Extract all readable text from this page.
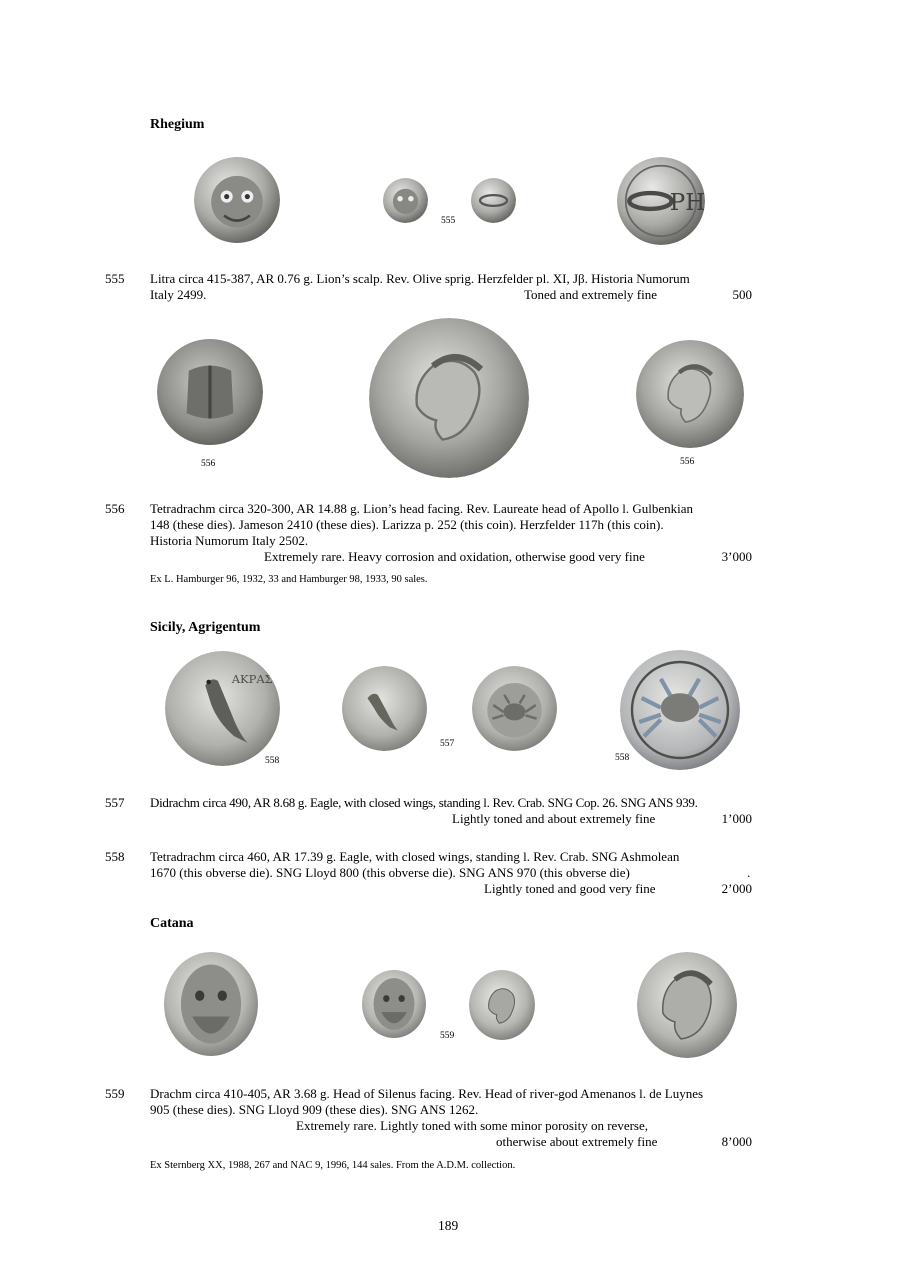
Rhegium
555
ΡΗ
555 Litra circa 415-387, AR 0.76 g. Lion’s scalp. Rev. Olive sprig. Herzfelder pl. XI, Jβ. Historia Numorum
Italy 2499.	Toned and extremely fine	500
556	556
556 Tetradrachm circa 320-300, AR 14.88 g. Lion’s head facing. Rev. Laureate head of Apollo l. Gulbenkian
148 (these dies). Jameson 2410 (these dies). Larizza p. 252 (this coin). Herzfelder 117h (this coin).
Historia Numorum Italy 2502.
Extremely rare. Heavy corrosion and oxidation, otherwise good very fine	3’000
Ex L. Hamburger 96, 1932, 33 and Hamburger 98, 1933, 90 sales.
Sicily, Agrigentum
ΑΚΡΑΣ
558
557
558
557 Didrachm circa 490, AR 8.68 g. Eagle, with closed wings, standing l. Rev. Crab. SNG Cop. 26. SNG ANS 939.
Lightly toned and about extremely fine	1’000
558 Tetradrachm circa 460, AR 17.39 g. Eagle, with closed wings, standing l. Rev. Crab. SNG Ashmolean
1670 (this obverse die). SNG Lloyd 800 (this obverse die). SNG ANS 970 (this obverse die)	.
Lightly toned and good very fine	2’000
Catana
559
559 Drachm circa 410-405, AR 3.68 g. Head of Silenus facing. Rev. Head of river-god Amenanos l. de Luynes
905 (these dies). SNG Lloyd 909 (these dies). SNG ANS 1262.
Extremely rare. Lightly toned with some minor porosity on reverse,
otherwise about extremely fine	8’000
Ex Sternberg XX, 1988, 267 and NAC 9, 1996, 144 sales. From the A.D.M. collection.
189
